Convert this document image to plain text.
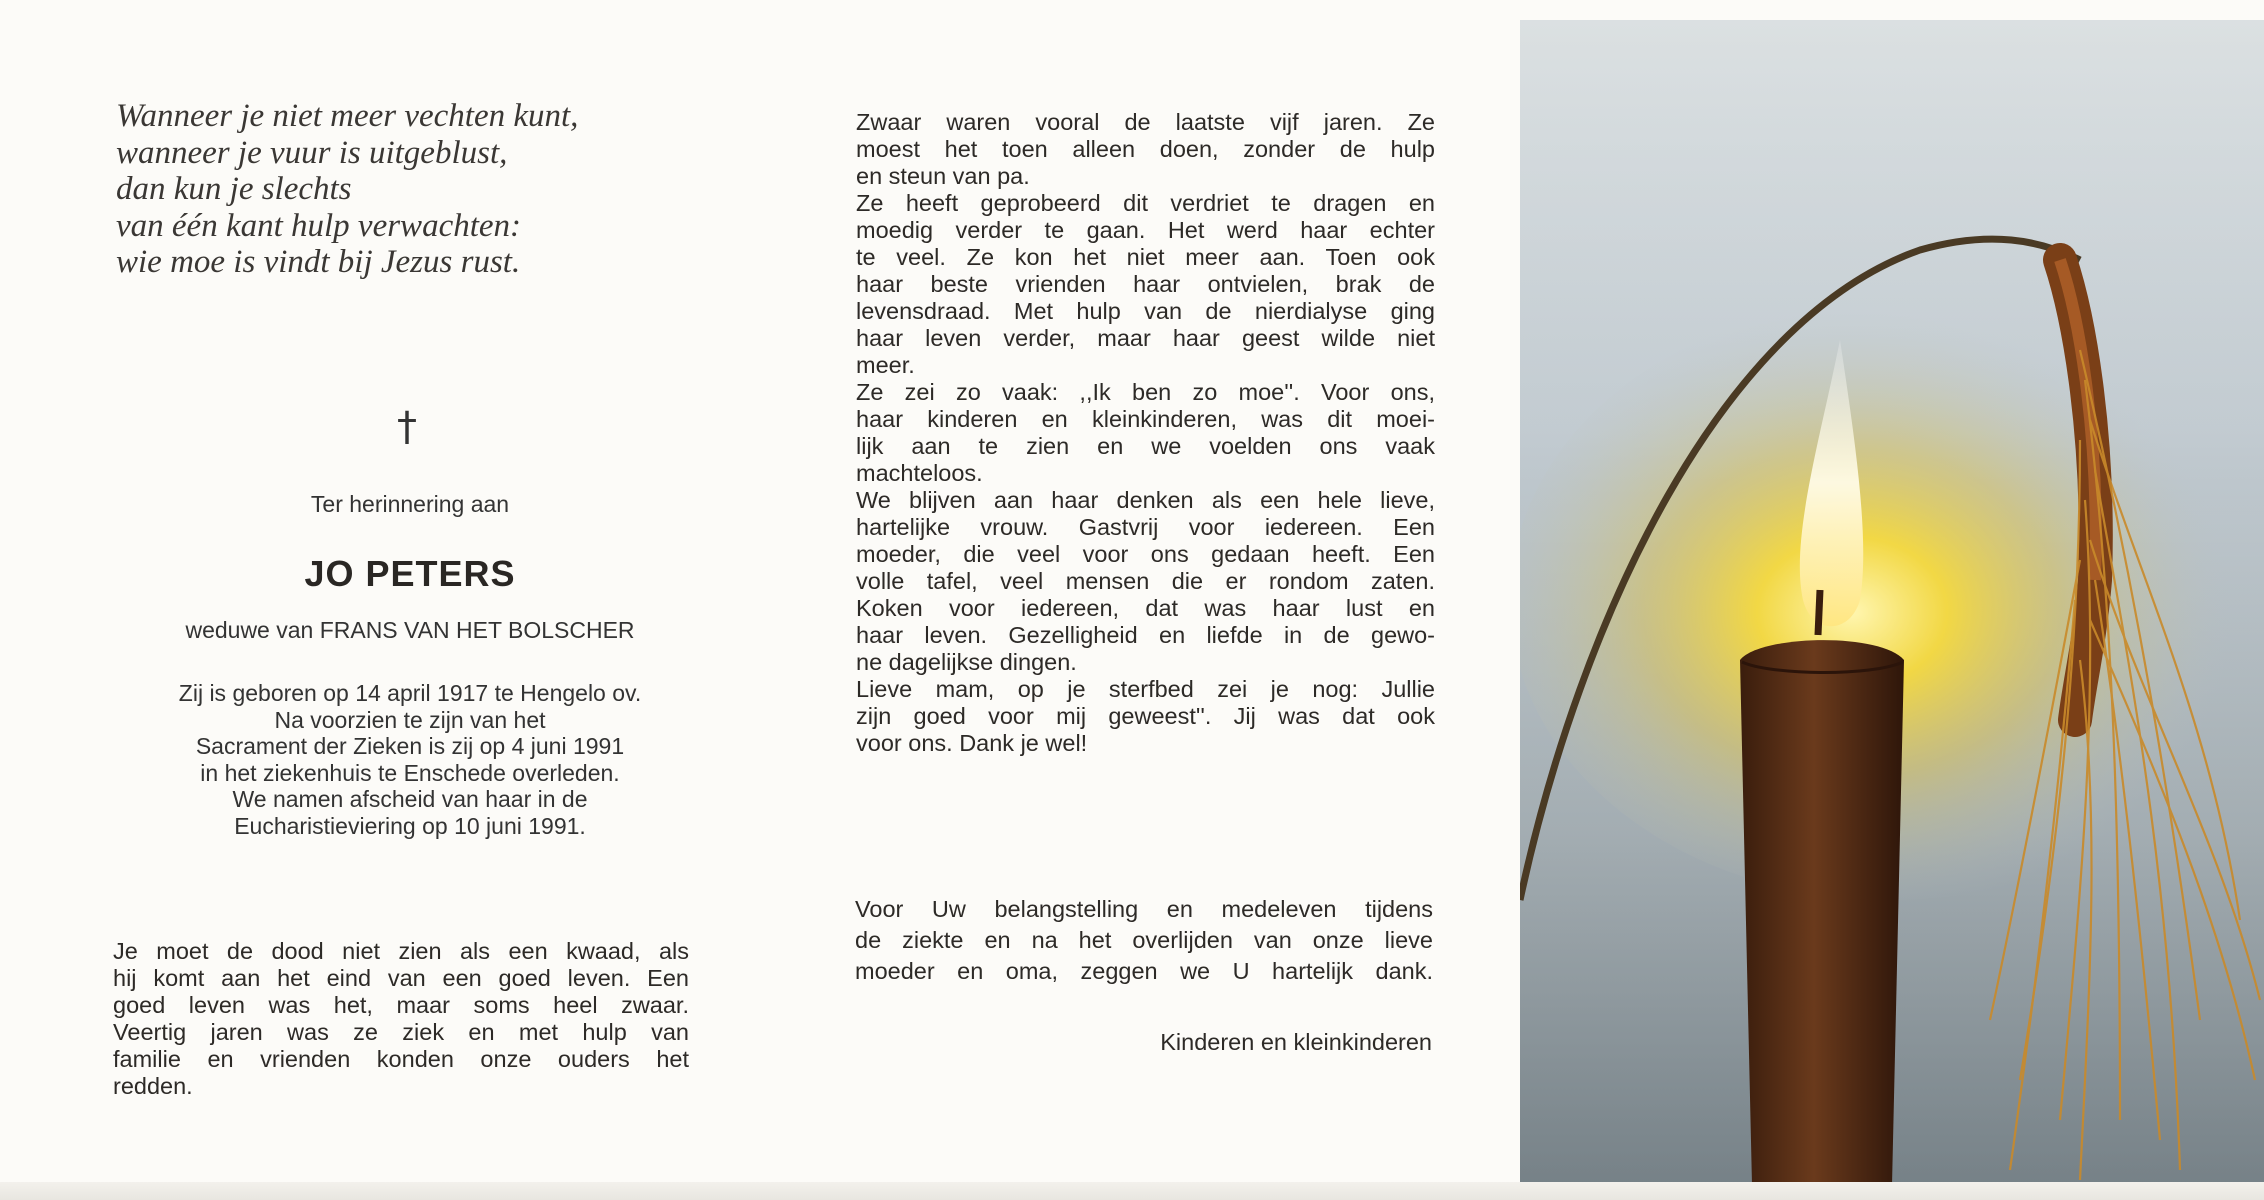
Wanneer je niet meer vechten kunt,
wanneer je vuur is uitgeblust,
dan kun je slechts
van één kant hulp verwachten:
wie moe is vindt bij Jezus rust.
†
Ter herinnering aan
JO PETERS
weduwe van FRANS VAN HET BOLSCHER
Zij is geboren op 14 april 1917 te Hengelo ov.
Na voorzien te zijn van het
Sacrament der Zieken is zij op 4 juni 1991
in het ziekenhuis te Enschede overleden.
We namen afscheid van haar in de
Eucharistieviering op 10 juni 1991.
Je moet de dood niet zien als een kwaad, als
hij komt aan het eind van een goed leven. Een
goed leven was het, maar soms heel zwaar.
Veertig jaren was ze ziek en met hulp van
familie en vrienden konden onze ouders het
redden.
Zwaar waren vooral de laatste vijf jaren. Ze
moest het toen alleen doen, zonder de hulp
en steun van pa.
Ze heeft geprobeerd dit verdriet te dragen en
moedig verder te gaan. Het werd haar echter
te veel. Ze kon het niet meer aan. Toen ook
haar beste vrienden haar ontvielen, brak de
levensdraad. Met hulp van de nierdialyse ging
haar leven verder, maar haar geest wilde niet
meer.
Ze zei zo vaak: ,,Ik ben zo moe''. Voor ons,
haar kinderen en kleinkinderen, was dit moei-
lijk aan te zien en we voelden ons vaak
machteloos.
We blijven aan haar denken als een hele lieve,
hartelijke vrouw. Gastvrij voor iedereen. Een
moeder, die veel voor ons gedaan heeft. Een
volle tafel, veel mensen die er rondom zaten.
Koken voor iedereen, dat was haar lust en
haar leven. Gezelligheid en liefde in de gewo-
ne dagelijkse dingen.
Lieve mam, op je sterfbed zei je nog: Jullie
zijn goed voor mij geweest''. Jij was dat ook
voor ons. Dank je wel!
Voor Uw belangstelling en medeleven tijdens
de ziekte en na het overlijden van onze lieve
moeder en oma, zeggen we U hartelijk dank.
Kinderen en kleinkinderen
